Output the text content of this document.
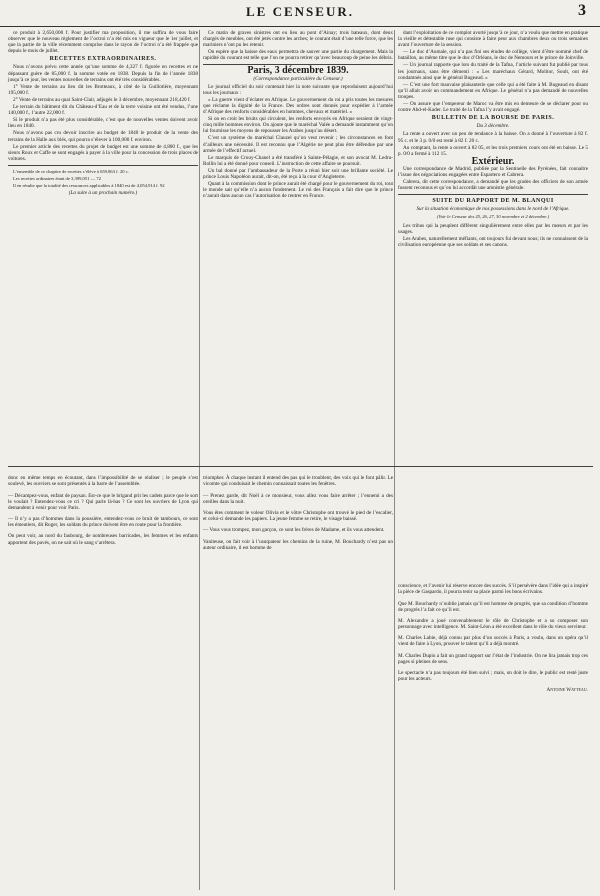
LE CENSEUR.	3

ce produit à 2,650,000 f. Pour justifier ma proposition, il me suffira de vous faire observer que le nouveau règlement de l’octroi n’a été mis en vigueur que le 1er juillet, et que la partie de la ville récemment comprise dans le rayon de l’octroi n’a été frappée que depuis le mois de juillet.

RECETTES EXTRAORDINAIRES.

Nous n’avons prévu cette année qu’une somme de 4,327 f. figurée en recettes et ne dépassant guère de 85,000 f. la somme votée en 1838. Depuis la fin de l’année 1838 jusqu’à ce jour, les ventes nouvelles de terrains ont été très considérables.

1° Vente de terrains au lieu dit les Brotteaux, à côté de la Guillotière, moyennant 195,000 f.

2° Vente de terrains au quai Saint-Clair, adjugés le 3 décembre, moyennant 218,420 f.

Le terrain du bâtiment dit du Château-d’Eau et de la terre voisine ont été vendus, l’une 140,000 f., l’autre 22,000 f.

Si le produit n’a pas été plus considérable, c’est que de nouvelles ventes doivent avoir lieu en 1840.

Nous n’avons pas cru devoir inscrire au budget de 1840 le produit de la vente des terrains de la Halle aux blés, qui pourra s’élever à 100,000 f. environ.

Le premier article des recettes du projet de budget est une somme de 4,800 f., que les sieurs Roux et Caffe se sont engagés à payer à la ville pour la concession de trois places de voitures.

L’ensemble de ce chapitre de recettes s’élève à 659,863 f. 20 c.

Les recettes ordinaires étant de 3,399,051 — 72

Il en résulte que la totalité des ressources applicables à 1840 est de 4,054,914 f. 92

(La suite à un prochain numéro.)

Ce matin de graves sinistres ont eu lieu au pont d’Ainay; trois bateaux, dont deux chargés de meubles, ont été jetés contre les arches; le courant était d’une telle force, que les mariniers n’ont pu les retenir.

On espère que la baisse des eaux permettra de sauver une partie du chargement. Mais la rapidité du courant est telle que l’on ne pourra retirer qu’avec beaucoup de peine les débris.

Paris, 3 décembre 1839.
(Correspondance particulière du Censeur.)

Le journal officiel du soir contenait hier la note suivante que reproduisent aujourd’hui tous les journaux :

« La guerre vient d’éclater en Afrique. Le gouvernement du roi a pris toutes les mesures que réclame la dignité de la France. Des ordres sont donnés pour expédier à l’armée d’Afrique des renforts considérables en hommes, chevaux et matériel. »

Si on en croit les bruits qui circulent, les renforts envoyés en Afrique seraient de vingt-cinq mille hommes environ. On ajoute que le maréchal Valée a demandé instamment qu’on lui fournisse les moyens de repousser les Arabes jusqu’au désert.

C’est un système du maréchal Clauzel qu’on veut revenir ; les circonstances en font d’ailleurs une nécessité. Il est reconnu que l’Algérie ne peut plus être défendue par une armée de l’effectif actuel.

Le marquis de Crouy-Chanel a été transféré à Sainte-Pélagie, et son avocat M. Ledru-Rollin lui a été donné pour conseil. L’instruction de cette affaire se poursuit.

Un bal donné par l’ambassadeur de la Porte a réuni hier soir une brillante société. Le prince Louis Napoléon aurait, dit-on, été reçu à la cour d’Angleterre.

Quant à la commission dont le prince aurait été chargé pour le gouvernement du roi, tout le monde sait qu’elle n’a aucun fondement. Le roi des Français a fait dire que le prince n’aurait dans aucun cas l’autorisation de rentrer en France.

dant l’exploitation de ce complot avorté jusqu’à ce jour, n’a voulu que mettre en pratique la vieille et détestable ruse qui consiste à faire peur aux chambres deux ou trois semaines avant l’ouverture de la session.

— Le duc d’Aumale, qui n’a pas fini ses études de collège, vient d’être nommé chef de bataillon, au même titre que le duc d’Orléans, le duc de Nemours et le prince de Joinville.

— Un journal rapporte que lors du traité de la Tafna, l’article suivant fut publié par tous les journaux, sans être démenti : « Les maréchaux Gérard, Molitor, Soult, ont été condamnés ainsi que le général Bugeaud. »

— C’est une fort mauvaise plaisanterie que celle qui a été faite à M. Bugeaud en disant qu’il allait avoir un commandement en Afrique. Le général n’a pas demandé de nouvelles troupes.

— On assure que l’empereur de Maroc va être mis en demeure de se déclarer pour ou contre Abd-el-Kader. Le traité de la Tafna l’y avait engagé.

BULLETIN DE LA BOURSE DE PARIS.
Du 3 décembre.

La rente a ouvert avec un peu de tendance à la baisse. On a donné à l’ouverture à 82 f. 95 c. et le 3 p. 0/0 est resté à 82 f. 20 c.

Au comptant, la rente a ouvert à 82 05, et les trois premiers cours ont été en baisse. Le 5 p. 0/0 a fermé à 112 15.

Extérieur.

Une correspondance de Madrid, publiée par la Sentinelle des Pyrénées, fait connaître l’issue des négociations engagées entre Espartero et Cabrera.

Cabrera, dit cette correspondance, a demandé que les grades des officiers de son armée fussent reconnus et qu’on lui accordât une amnistie générale.

SUITE DU RAPPORT DE M. BLANQUI
Sur la situation économique de nos possessions dans le nord de l’Afrique.
(Voir le Censeur des 25, 26, 27, 30 novembre et 2 décembre.)

Les tribus qui la peuplent diffèrent singulièrement entre elles par les mœurs et par les usages.

Les Arabes, naturellement méfiants, ont toujours fui devant nous; ils ne connaissent de la civilisation européenne que ses soldats et ses canons.

donc en même temps en écoutant, dans l’impossibilité de se réaliser ; le peuple s’est soulevé, les ouvriers se sont présentés à la barre de l’assemblée.

— Décampez-vous, enfant de paysan. Est-ce que le brigand prit les cadets parce que le sort le voulait ? Entendez-vous ce cri ? Qui parle là-bas ? Ce sont les ouvriers de Lyon qui demandent à venir pour voir Paris.

— Il n’y a pas d’hommes dans la poussière, entendez-vous ce bruit de tambours, ce sont les émeutiers, dit Roger, les soldats du prince doivent être en route pour la frontière.

On peut voir, au nord du faubourg, de nombreuses barricades, les femmes et les enfants apportent des pavés, on ne sait où le sang s’arrêtera.

triompher. À chaque instant il entend des pas qui le troublent, des voix qui le font pâlir. Le vicomte qui conduisait le chemin connaissait toutes les fenêtres.

— Prenez garde, dit Noël à ce monsieur, vous allez vous faire arrêter ; l’ennemi a des oreilles dans la nuit.

Vous êtes comment le voleur Olivia et le vôtre Christophe ont trouvé le pied de l’escalier, et celui-ci demande les papiers. La jeune femme se retire, le visage baissé.

— Vous vous trompez, mon garçon, ce sont les frères de Madame, et ils vous attendent.

Vaniteuse, on fait voir à l’usurpateur les chemins de la ruine, M. Bouchardy n’est pas un auteur ordinaire, il est homme de

conscience, et l’avenir lui réserve encore des succès. S’il persévère dans l’idée qui a inspiré la pièce de Gaspardo, il pourra tenir sa place parmi les bons écrivains.

Que M. Bouchardy n’oublie jamais qu’il est homme de progrès, que sa condition d’homme de progrès l’a fait ce qu’il est.

M. Alexandre a joué convenablement le rôle de Christophe et a su composer son personnage avec intelligence. M. Saint-Léon a été excellent dans le rôle du vieux serviteur.

M. Charles Labie, déjà connu par plus d’un succès à Paris, a voulu, dans un opéra qu’il vient de faire à Lyon, prouver le talent qu’il a déjà montré.

M. Charles Dupin a fait un grand rapport sur l’état de l’industrie. On ne lira jamais trop ces pages si pleines de sens.

Le spectacle n’a pas toujours été bien suivi ; mais, on doit le dire, le public est resté juste pour les acteurs.

Antoine Watteau.
